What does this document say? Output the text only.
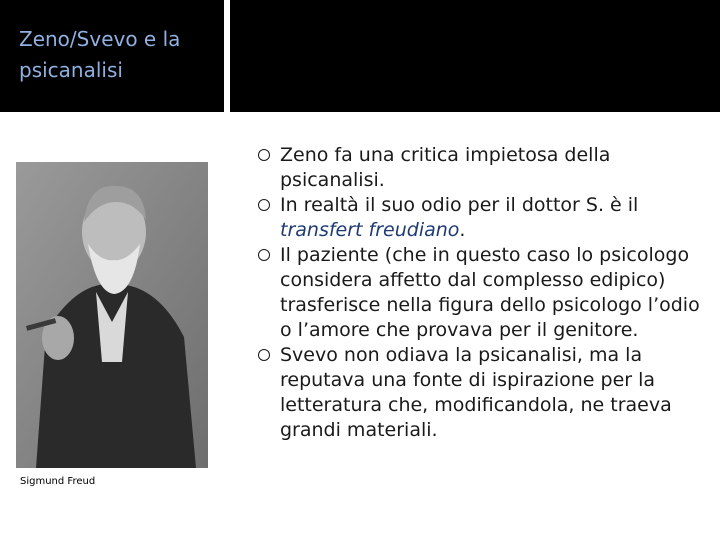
Zeno/Svevo e la psicanalisi
Sigmund Freud
Zeno fa una critica impietosa della psicanalisi.
In realtà il suo odio per il dottor S. è il transfert freudiano.
Il paziente (che in questo caso lo psicologo considera affetto dal complesso edipico) trasferisce nella figura dello psicologo l’odio o l’amore che provava per il genitore.
Svevo non odiava la psicanalisi, ma la reputava una fonte di ispirazione per la letteratura che, modificandola, ne traeva grandi materiali.
